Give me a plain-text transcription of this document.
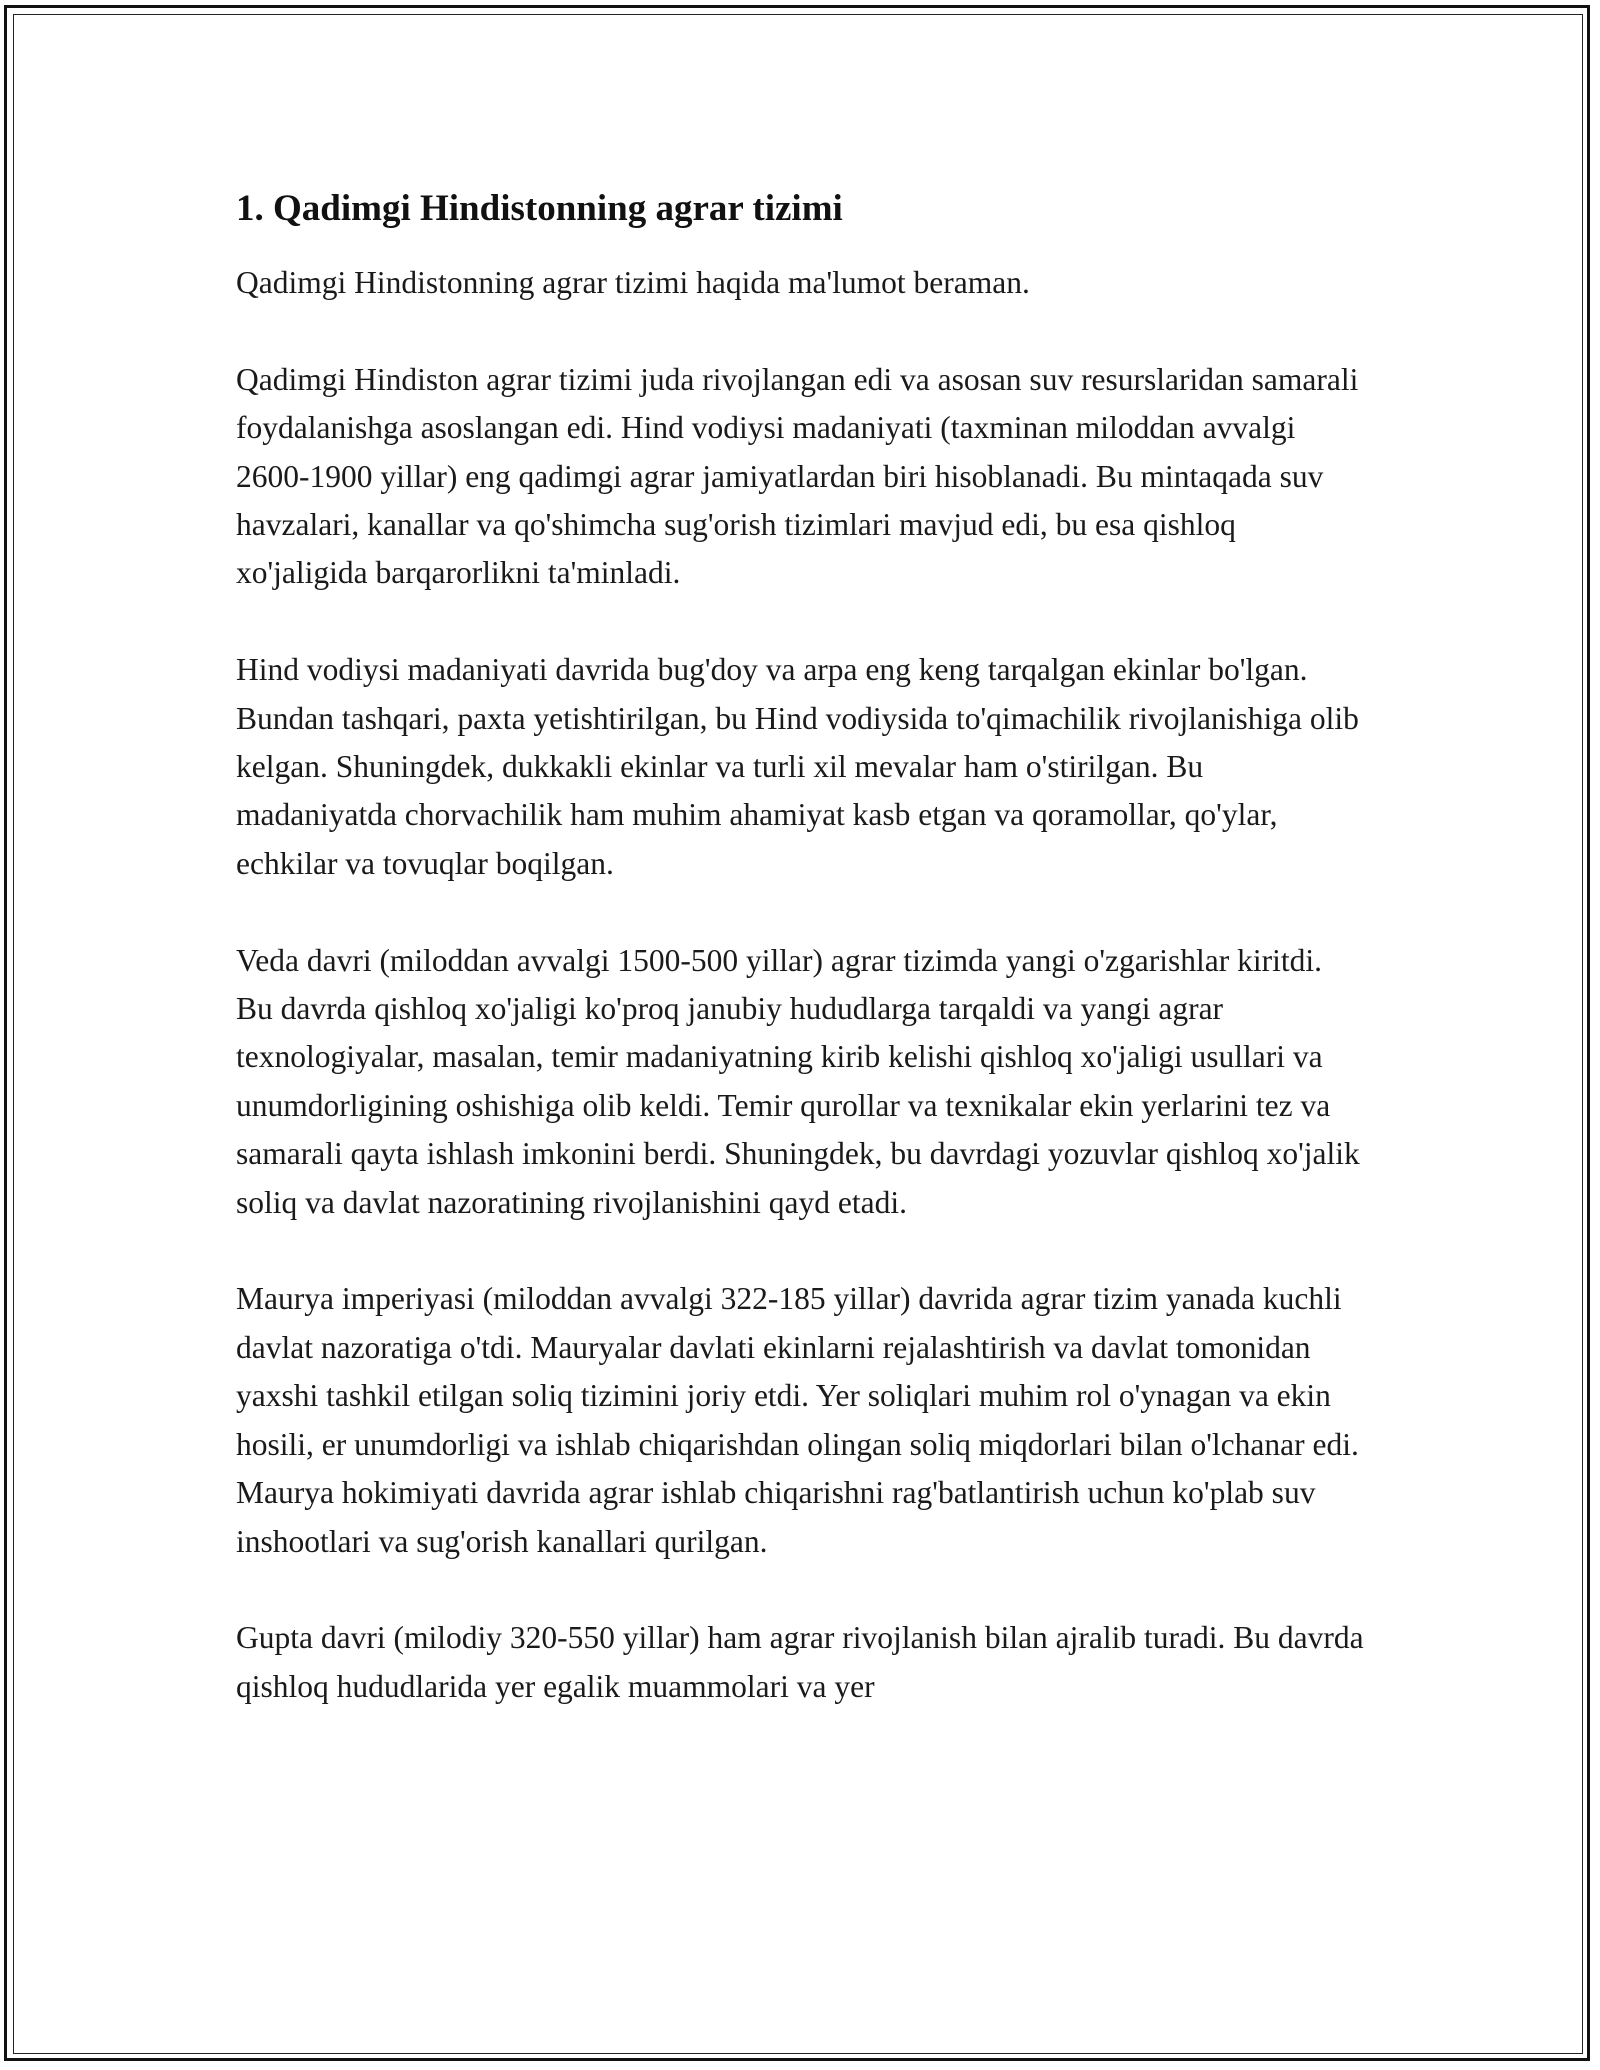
1. Qadimgi Hindistonning agrar tizimi

Qadimgi Hindistonning agrar tizimi haqida ma'lumot beraman.

Qadimgi Hindiston agrar tizimi juda rivojlangan edi va asosan suv resurslaridan samarali foydalanishga asoslangan edi. Hind vodiysi madaniyati (taxminan miloddan avvalgi 2600-1900 yillar) eng qadimgi agrar jamiyatlardan biri hisoblanadi. Bu mintaqada suv havzalari, kanallar va qo'shimcha sug'orish tizimlari mavjud edi, bu esa qishloq xo'jaligida barqarorlikni ta'minladi.

Hind vodiysi madaniyati davrida bug'doy va arpa eng keng tarqalgan ekinlar bo'lgan. Bundan tashqari, paxta yetishtirilgan, bu Hind vodiysida to'qimachilik rivojlanishiga olib kelgan. Shuningdek, dukkakli ekinlar va turli xil mevalar ham o'stirilgan. Bu madaniyatda chorvachilik ham muhim ahamiyat kasb etgan va qoramollar, qo'ylar, echkilar va tovuqlar boqilgan.

Veda davri (miloddan avvalgi 1500-500 yillar) agrar tizimda yangi o'zgarishlar kiritdi. Bu davrda qishloq xo'jaligi ko'proq janubiy hududlarga tarqaldi va yangi agrar texnologiyalar, masalan, temir madaniyatning kirib kelishi qishloq xo'jaligi usullari va unumdorligining oshishiga olib keldi. Temir qurollar va texnikalar ekin yerlarini tez va samarali qayta ishlash imkonini berdi. Shuningdek, bu davrdagi yozuvlar qishloq xo'jalik soliq va davlat nazoratining rivojlanishini qayd etadi.

Maurya imperiyasi (miloddan avvalgi 322-185 yillar) davrida agrar tizim yanada kuchli davlat nazoratiga o'tdi. Mauryalar davlati ekinlarni rejalashtirish va davlat tomonidan yaxshi tashkil etilgan soliq tizimini joriy etdi. Yer soliqlari muhim rol o'ynagan va ekin hosili, er unumdorligi va ishlab chiqarishdan olingan soliq miqdorlari bilan o'lchanar edi. Maurya hokimiyati davrida agrar ishlab chiqarishni rag'batlantirish uchun ko'plab suv inshootlari va sug'orish kanallari qurilgan.

Gupta davri (milodiy 320-550 yillar) ham agrar rivojlanish bilan ajralib turadi. Bu davrda qishloq hududlarida yer egalik muammolari va yer
